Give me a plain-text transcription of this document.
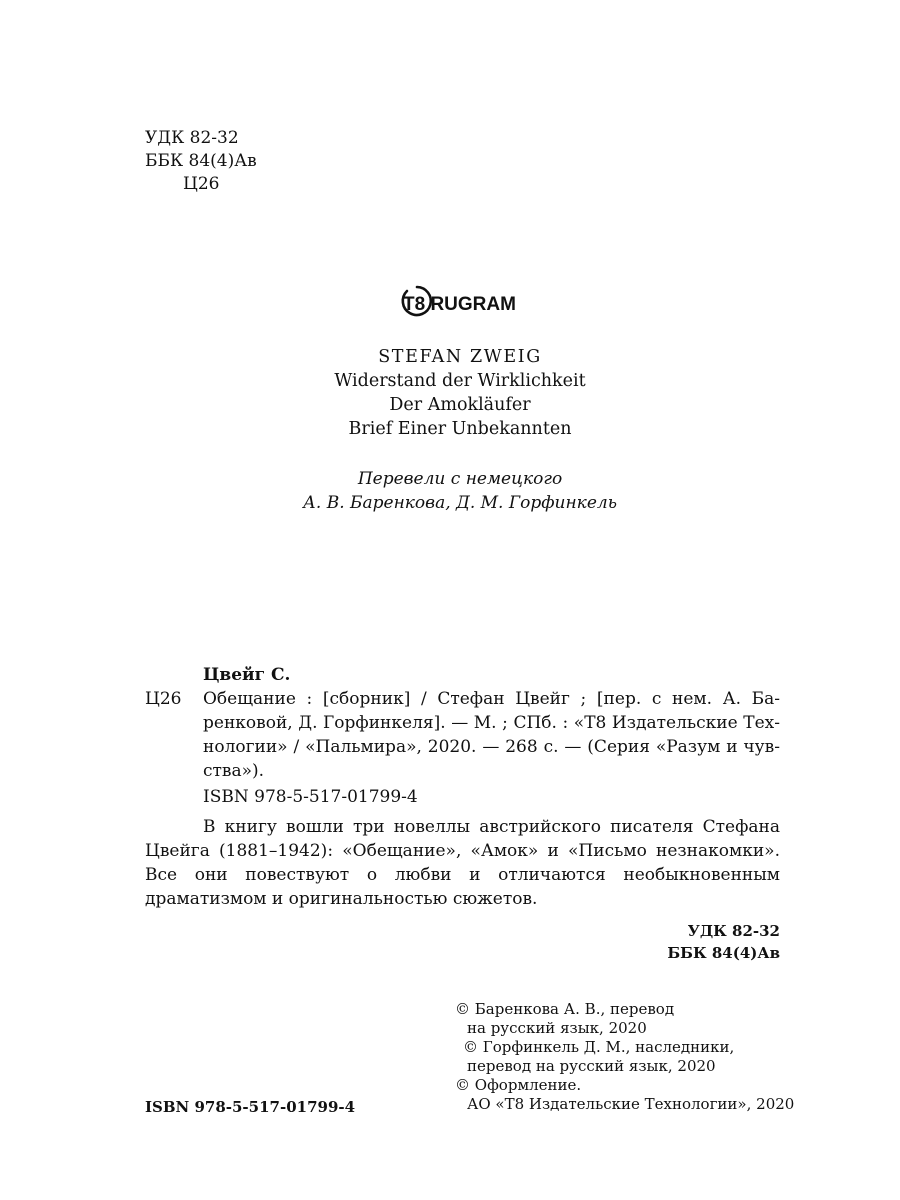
УДК 82-32
ББК 84(4)Ав
Ц26
T8 RUGRAM
STEFAN ZWEIG
Widerstand der Wirklichkeit
Der Amokläufer
Brief Einer Unbekannten
Перевели с немецкого
А. В. Баренкова, Д. М. Горфинкель
Цвейг С.
Ц26 Обещание : [сборник] / Стефан Цвейг ; [пер. с нем. А. Баренковой, Д. Горфинкеля]. — М. ; СПб. : «Т8 Издательские Технологии» / «Пальмира», 2020. — 268 с. — (Серия «Разум и чувства»).
ISBN 978-5-517-01799-4
В книгу вошли три новеллы австрийского писателя Стефана Цвейга (1881–1942): «Обещание», «Амок» и «Письмо незнакомки». Все они повествуют о любви и отличаются необыкновенным драматизмом и оригинальностью сюжетов.
УДК 82-32
ББК 84(4)Ав
© Баренкова А. В., перевод
на русский язык, 2020
© Горфинкель Д. М., наследники,
перевод на русский язык, 2020
© Оформление.
АО «Т8 Издательские Технологии», 2020
ISBN 978-5-517-01799-4
